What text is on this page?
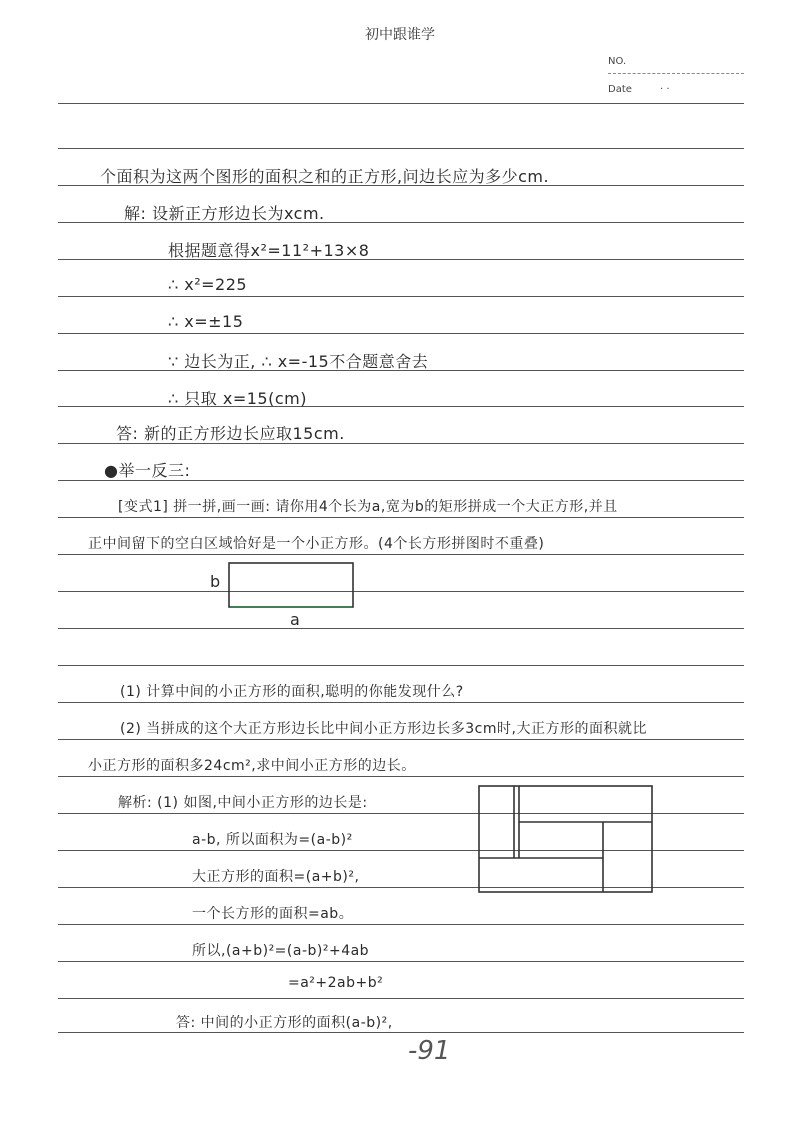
初中跟谁学
NO.
Date	· ·
个面积为这两个图形的面积之和的正方形,问边长应为多少cm.
解: 设新正方形边长为xcm.
根据题意得x²=11²+13×8
∴ x²=225
∴ x=±15
∵ 边长为正, ∴ x=-15不合题意舍去
∴ 只取 x=15(cm)
答: 新的正方形边长应取15cm.
●举一反三:
[变式1] 拼一拼,画一画: 请你用4个长为a,宽为b的矩形拼成一个大正方形,并且
正中间留下的空白区域恰好是一个小正方形。(4个长方形拼图时不重叠)
b
a
(1) 计算中间的小正方形的面积,聪明的你能发现什么?
(2) 当拼成的这个大正方形边长比中间小正方形边长多3cm时,大正方形的面积就比
小正方形的面积多24cm²,求中间小正方形的边长。
解析: (1) 如图,中间小正方形的边长是:
a-b, 所以面积为=(a-b)²
大正方形的面积=(a+b)²,
一个长方形的面积=ab。
所以,(a+b)²=(a-b)²+4ab
=a²+2ab+b²
答: 中间的小正方形的面积(a-b)²,
-91
